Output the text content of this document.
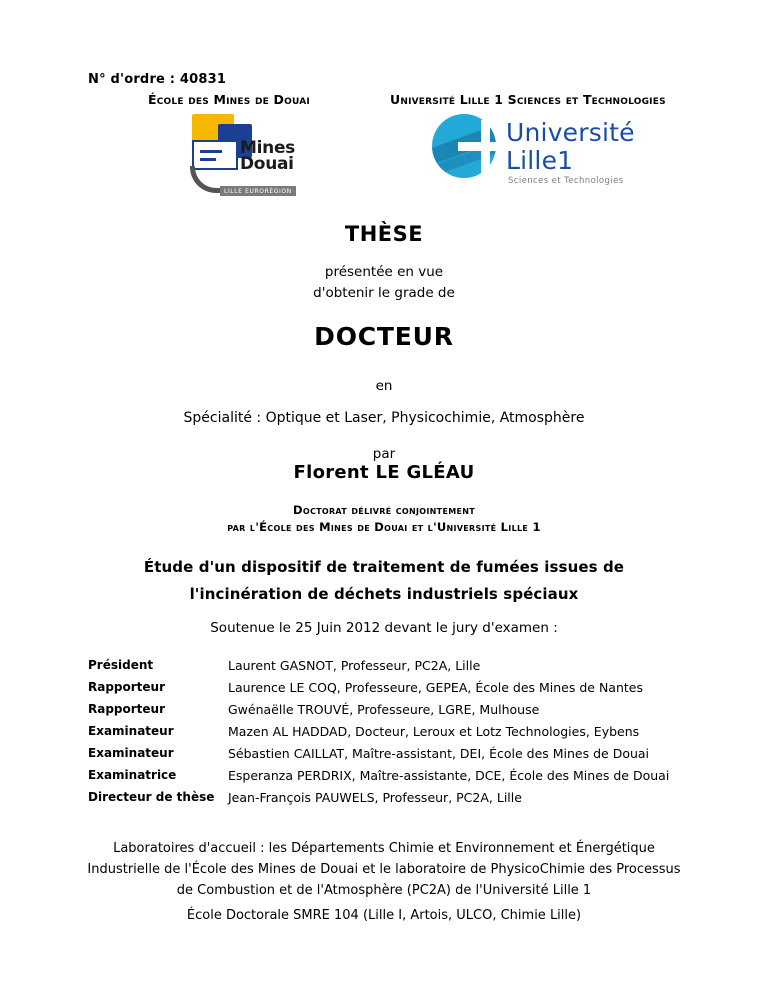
N° d'ordre : 40831
École des Mines de Douai	Université Lille 1 Sciences et Technologies
Mines
Douai
LILLE EURORÉGION
Université
Lille1
Sciences et Technologies
THÈSE
présentée en vue
d'obtenir le grade de
DOCTEUR
en
Spécialité : Optique et Laser, Physicochimie, Atmosphère
par
Florent LE GLÉAU
Doctorat délivré conjointement
par l'École des Mines de Douai et l'Université Lille 1
Étude d'un dispositif de traitement de fumées issues de
l'incinération de déchets industriels spéciaux
Soutenue le 25 Juin 2012 devant le jury d'examen :
Président	Laurent GASNOT, Professeur, PC2A, Lille
Rapporteur	Laurence LE COQ, Professeure, GEPEA, École des Mines de Nantes
Rapporteur	Gwénaëlle TROUVÉ, Professeure, LGRE, Mulhouse
Examinateur	Mazen AL HADDAD, Docteur, Leroux et Lotz Technologies, Eybens
Examinateur	Sébastien CAILLAT, Maître-assistant, DEI, École des Mines de Douai
Examinatrice	Esperanza PERDRIX, Maître-assistante, DCE, École des Mines de Douai
Directeur de thèse	Jean-François PAUWELS, Professeur, PC2A, Lille
Laboratoires d'accueil : les Départements Chimie et Environnement et Énergétique
Industrielle de l'École des Mines de Douai et le laboratoire de PhysicoChimie des Processus
de Combustion et de l'Atmosphère (PC2A) de l'Université Lille 1
École Doctorale SMRE 104 (Lille I, Artois, ULCO, Chimie Lille)
